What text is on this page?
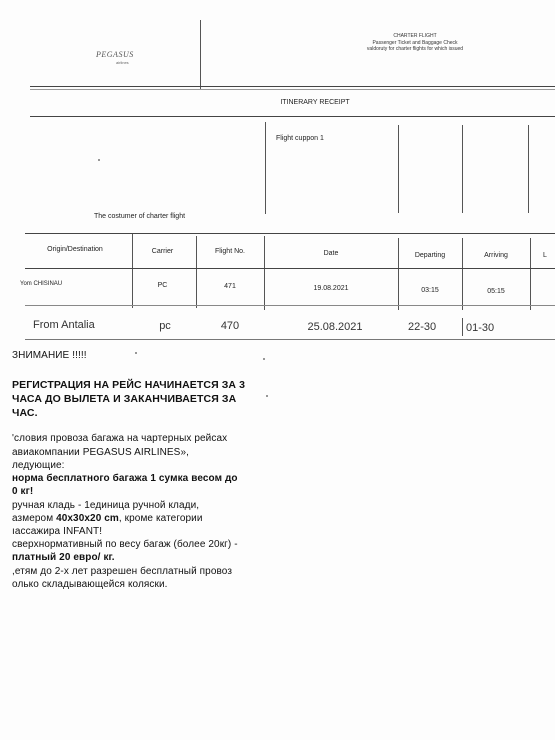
PEGASUS
airlines
CHARTER FLIGHT
Passenger Ticket and Baggage Check
valdoruty for charter flights for which issued
ITINERARY RECEIPT
Flight cuppon 1
The costumer of charter flight
Origin/Destination	Carrier	Flight No.	Date	Departing	Arriving	L
Yom CHISINAU	PC	471	19.08.2021	03:15	05:15
From Antalia	pc	470	25.08.2021	22-30	01-30
ЗНИМАНИЕ !!!!!
РЕГИСТРАЦИЯ НА РЕЙС НАЧИНАЕТСЯ ЗА 3
ЧАСА ДО ВЫЛЕТА И ЗАКАНЧИВАЕТСЯ ЗА
ЧАС.
'словия провоза багажа на чартерных рейсах
авиакомпании PEGASUS AIRLINES»,
ледующие:
норма бесплатного багажа 1 сумка весом до
0 кг!
ручная кладь - 1единица ручной клади,
азмером 40x30x20 cm, кроме категории
ıассажира INFANT!
сверхнормативный по весу багаж (более 20кг) -
платный 20 евро/ кг.
,етям до 2-х лет разрешен бесплатный провоз
олько складывающейся коляски.
